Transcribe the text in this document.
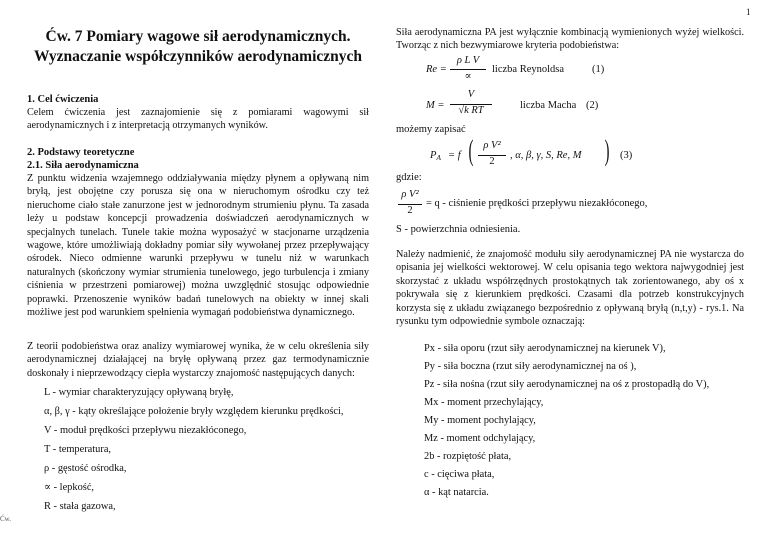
1
Ćw. 7 Pomiary wagowe sił aerodynamicznych.
Wyznaczanie współczynników aerodynamicznych
1. Cel ćwiczenia
Celem ćwiczenia jest zaznajomienie się z pomiarami wagowymi sił aerodynamicznych i z interpretacją otrzymanych wyników.
2. Podstawy teoretyczne
2.1. Siła aerodynamiczna
Z punktu widzenia wzajemnego oddziaływania między płynem a opływaną nim bryłą, jest obojętne czy porusza się ona w nieruchomym ośrodku czy też nieruchome ciało stałe zanurzone jest w jednorodnym strumieniu płynu. Ta zasada leży u podstaw koncepcji prowadzenia doświadczeń aerodynamicznych w specjalnych tunelach. Tunele takie można wyposażyć w stacjonarne urządzenia wagowe, które umożliwiają dokładny pomiar siły wywołanej przez przepływający ośrodek. Nieco odmienne warunki przepływu w tunelu niż w warunkach naturalnych (skończony wymiar strumienia tunelowego, jego turbulencja i zmiany ciśnienia w przestrzeni pomiarowej) można uwzględnić stosując odpowiednie poprawki. Przenoszenie wyników badań tunelowych na obiekty w innej skali możliwe jest pod warunkiem spełnienia wymagań podobieństwa dynamicznego.
Z teorii podobieństwa oraz analizy wymiarowej wynika, że w celu określenia siły aerodynamicznej działającej na bryłę opływaną przez gaz termodynamicznie doskonały i nieprzewodzący ciepła wystarczy znajomość następujących danych:
L - wymiar charakteryzujący opływaną bryłę,
α, β, γ - kąty określające położenie bryły względem kierunku prędkości,
V - moduł prędkości przepływu niezakłóconego,
T - temperatura,
ρ - gęstość ośrodka,
∝ - lepkość,
R - stała gazowa,
Ćw.
Siła aerodynamiczna PA jest wyłącznie kombinacją wymienionych wyżej wielkości. Tworząc z nich bezwymiarowe kryteria podobieństwa:
Re =
ρ L V
∝
liczba Reynoldsa	(1)
M =
V
√k RT	liczba Macha (2)
możemy zapisać
$P_A = f$ ( ρ V²
2
, α, β, γ, S, Re, M ) (3)
gdzie:
ρ V²
2
= q - ciśnienie prędkości przepływu niezakłóconego,
S - powierzchnia odniesienia.
Należy nadmienić, że znajomość modułu siły aerodynamicznej PA nie wystarcza do opisania jej wielkości wektorowej. W celu opisania tego wektora najwygodniej jest skorzystać z układu współrzędnych prostokątnych tak zorientowanego, aby oś x pokrywała się z kierunkiem prędkości. Czasami dla potrzeb konstrukcyjnych korzysta się z układu związanego bezpośrednio z opływaną bryłą (n,t,y) - rys.1. Na rysunku tym odpowiednie symbole oznaczają:
Px - siła oporu (rzut siły aerodynamicznej na kierunek V),
Py - siła boczna (rzut siły aerodynamicznej na oś ),
Pz - siła nośna (rzut siły aerodynamicznej na oś z prostopadłą do V),
Mx - moment przechylający,
My - moment pochylający,
Mz - moment odchylający,
2b - rozpiętość płata,
c - cięciwa płata,
α - kąt natarcia.
